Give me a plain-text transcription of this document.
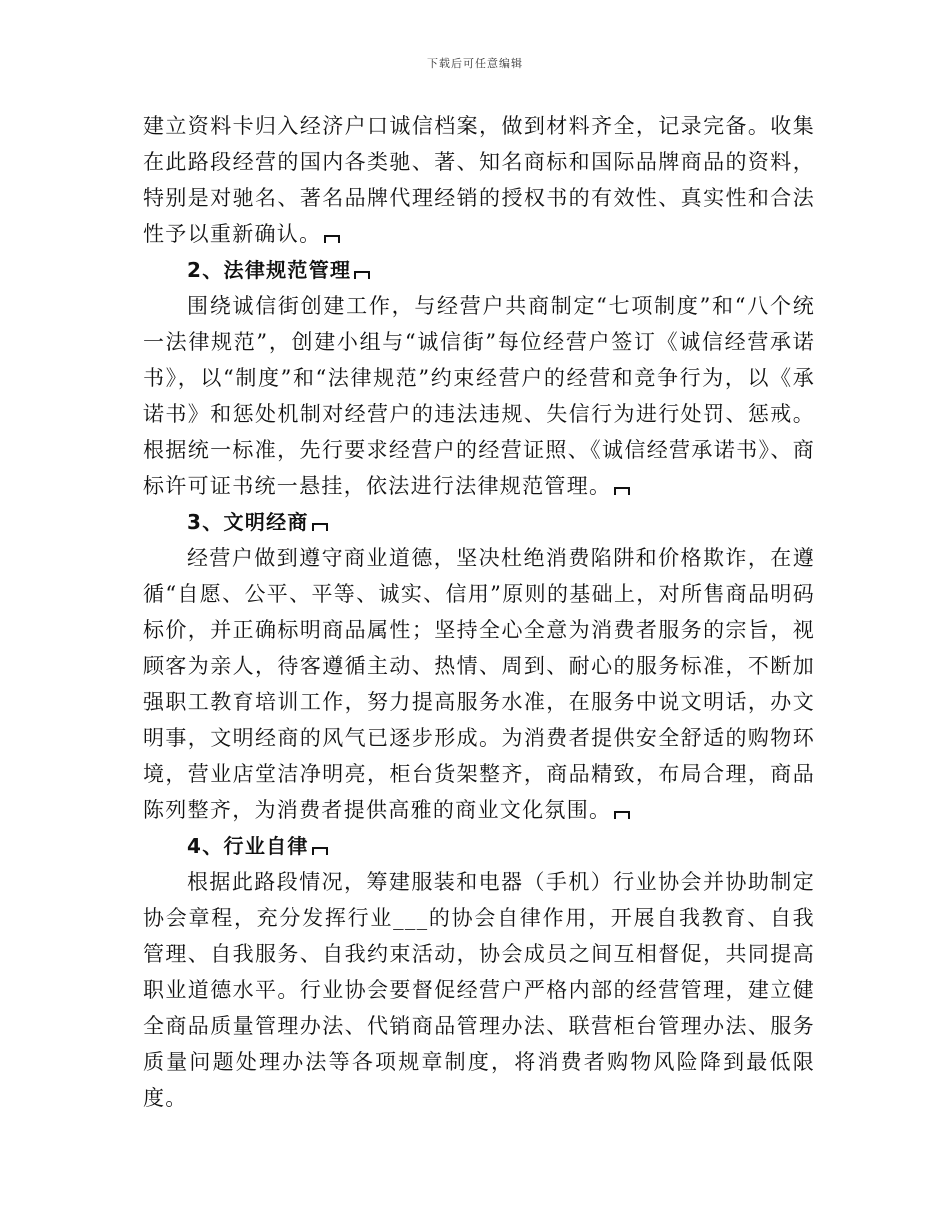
下载后可任意编辑

建立资料卡归入经济户口诚信档案，做到材料齐全，记录完备。收集在此路段经营的国内各类驰、著、知名商标和国际品牌商品的资料，特别是对驰名、著名品牌代理经销的授权书的有效性、真实性和合法性予以重新确认。

2、法律规范管理

围绕诚信街创建工作，与经营户共商制定“七项制度”和“八个统一法律规范”，创建小组与“诚信街”每位经营户签订《诚信经营承诺书》，以“制度”和“法律规范”约束经营户的经营和竞争行为，以《承诺书》和惩处机制对经营户的违法违规、失信行为进行处罚、惩戒。根据统一标准，先行要求经营户的经营证照、《诚信经营承诺书》、商标许可证书统一悬挂，依法进行法律规范管理。

3、文明经商

经营户做到遵守商业道德，坚决杜绝消费陷阱和价格欺诈，在遵循“自愿、公平、平等、诚实、信用”原则的基础上，对所售商品明码标价，并正确标明商品属性；坚持全心全意为消费者服务的宗旨，视顾客为亲人，待客遵循主动、热情、周到、耐心的服务标准，不断加强职工教育培训工作，努力提高服务水准，在服务中说文明话，办文明事，文明经商的风气已逐步形成。为消费者提供安全舒适的购物环境，营业店堂洁净明亮，柜台货架整齐，商品精致，布局合理，商品陈列整齐，为消费者提供高雅的商业文化氛围。

4、行业自律

根据此路段情况，筹建服装和电器（手机）行业协会并协助制定协会章程，充分发挥行业___的协会自律作用，开展自我教育、自我管理、自我服务、自我约束活动，协会成员之间互相督促，共同提高职业道德水平。行业协会要督促经营户严格内部的经营管理，建立健全商品质量管理办法、代销商品管理办法、联营柜台管理办法、服务质量问题处理办法等各项规章制度，将消费者购物风险降到最低限度。
